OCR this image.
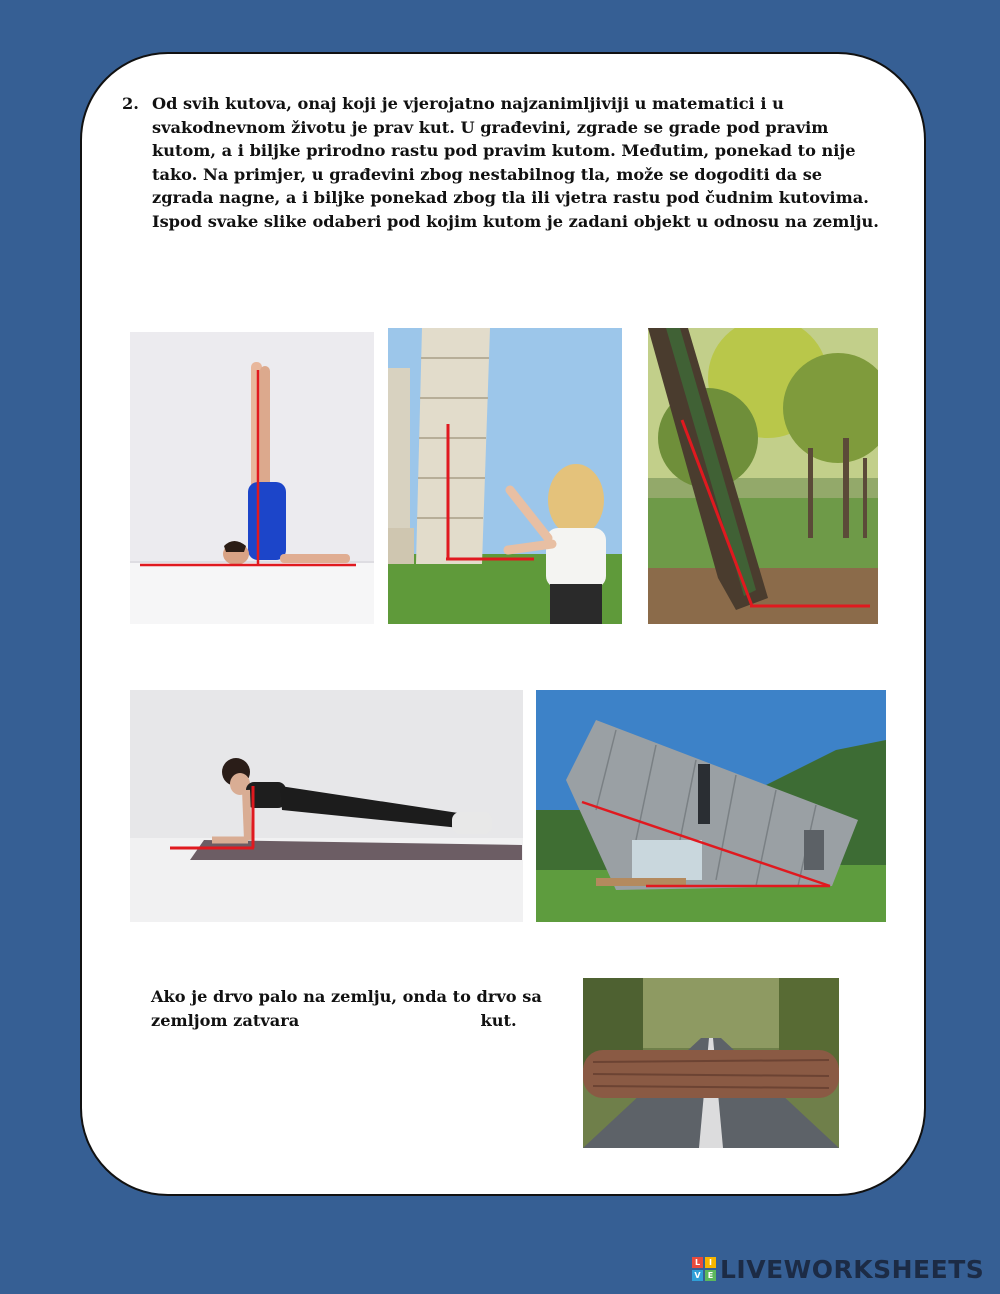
2. Od svih kutova, onaj koji je vjerojatno najzanimljiviji u matematici i u svakodnevnom životu je prav kut. U građevini, zgrade se grade pod pravim kutom, a i biljke prirodno rastu pod pravim kutom. Međutim, ponekad to nije tako. Na primjer, u građevini zbog nestabilnog tla, može se dogoditi da se zgrada nagne, a i biljke ponekad zbog tla ili vjetra rastu pod čudnim kutovima. Ispod svake slike odaberi pod kojim kutom je zadani objekt u odnosu na zemlju.
Ako je drvo palo na zemlju, onda to drvo sa
zemljom zatvara	kut.
L	I
V E LIVEWORKSHEETS
